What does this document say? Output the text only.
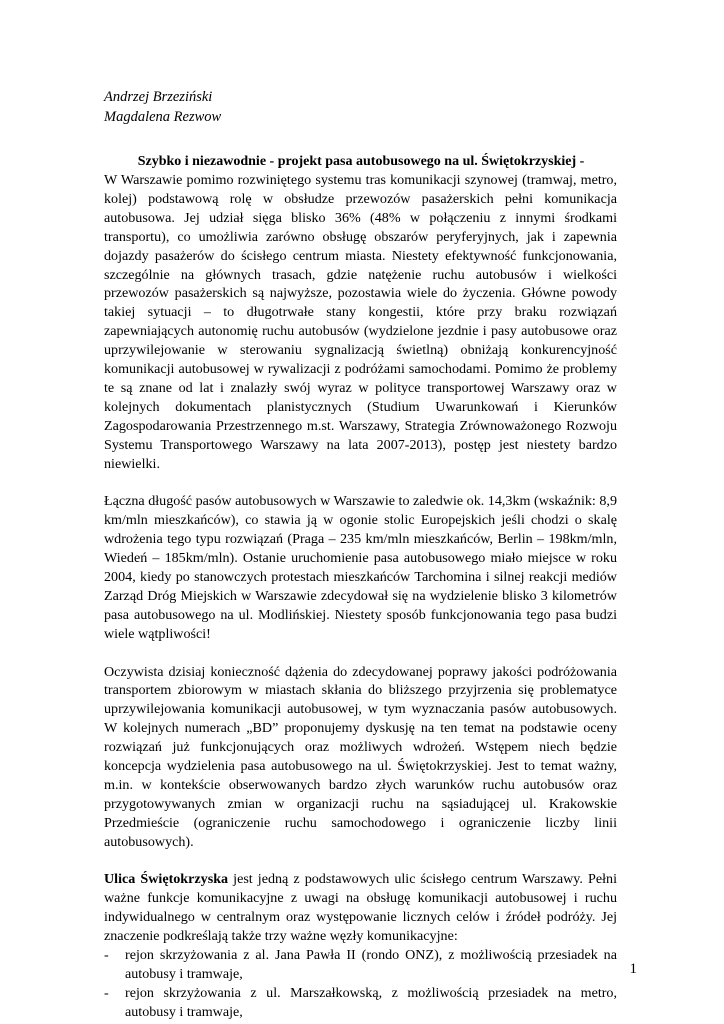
Andrzej Brzeziński
Magdalena Rezwow
Szybko i niezawodnie - projekt pasa autobusowego na ul. Świętokrzyskiej -

W Warszawie pomimo rozwiniętego systemu tras komunikacji szynowej (tramwaj, metro, kolej) podstawową rolę w obsłudze przewozów pasażerskich pełni komunikacja autobusowa. Jej udział sięga blisko 36% (48% w połączeniu z innymi środkami transportu), co umożliwia zarówno obsługę obszarów peryferyjnych, jak i zapewnia dojazdy pasażerów do ścisłego centrum miasta. Niestety efektywność funkcjonowania, szczególnie na głównych trasach, gdzie natężenie ruchu autobusów i wielkości przewozów pasażerskich są najwyższe, pozostawia wiele do życzenia. Główne powody takiej sytuacji – to długotrwałe stany kongestii, które przy braku rozwiązań zapewniających autonomię ruchu autobusów (wydzielone jezdnie i pasy autobusowe oraz uprzywilejowanie w sterowaniu sygnalizacją świetlną) obniżają konkurencyjność komunikacji autobusowej w rywalizacji z podróżami samochodami. Pomimo że problemy te są znane od lat i znalazły swój wyraz w polityce transportowej Warszawy oraz w kolejnych dokumentach planistycznych (Studium Uwarunkowań i Kierunków Zagospodarowania Przestrzennego m.st. Warszawy, Strategia Zrównoważonego Rozwoju Systemu Transportowego Warszawy na lata 2007-2013), postęp jest niestety bardzo niewielki.

Łączna długość pasów autobusowych w Warszawie to zaledwie ok. 14,3km (wskaźnik: 8,9 km/mln mieszkańców), co stawia ją w ogonie stolic Europejskich jeśli chodzi o skalę wdrożenia tego typu rozwiązań (Praga – 235 km/mln mieszkańców, Berlin – 198km/mln, Wiedeń – 185km/mln). Ostanie uruchomienie pasa autobusowego miało miejsce w roku 2004, kiedy po stanowczych protestach mieszkańców Tarchomina i silnej reakcji mediów Zarząd Dróg Miejskich w Warszawie zdecydował się na wydzielenie blisko 3 kilometrów pasa autobusowego na ul. Modlińskiej. Niestety sposób funkcjonowania tego pasa budzi wiele wątpliwości!

Oczywista dzisiaj konieczność dążenia do zdecydowanej poprawy jakości podróżowania transportem zbiorowym w miastach skłania do bliższego przyjrzenia się problematyce uprzywilejowania komunikacji autobusowej, w tym wyznaczania pasów autobusowych. W kolejnych numerach „BD” proponujemy dyskusję na ten temat na podstawie oceny rozwiązań już funkcjonujących oraz możliwych wdrożeń. Wstępem niech będzie koncepcja wydzielenia pasa autobusowego na ul. Świętokrzyskiej. Jest to temat ważny, m.in. w kontekście obserwowanych bardzo złych warunków ruchu autobusów oraz przygotowywanych zmian w organizacji ruchu na sąsiadującej ul. Krakowskie Przedmieście (ograniczenie ruchu samochodowego i ograniczenie liczby linii autobusowych).

Ulica Świętokrzyska jest jedną z podstawowych ulic ścisłego centrum Warszawy. Pełni ważne funkcje komunikacyjne z uwagi na obsługę komunikacji autobusowej i ruchu indywidualnego w centralnym oraz występowanie licznych celów i źródeł podróży. Jej znaczenie podkreślają także trzy ważne węzły komunikacyjne:

- rejon skrzyżowania z al. Jana Pawła II (rondo ONZ), z możliwością przesiadek na autobusy i tramwaje,
- rejon skrzyżowania z ul. Marszałkowską, z możliwością przesiadek na metro, autobusy i tramwaje,
1
